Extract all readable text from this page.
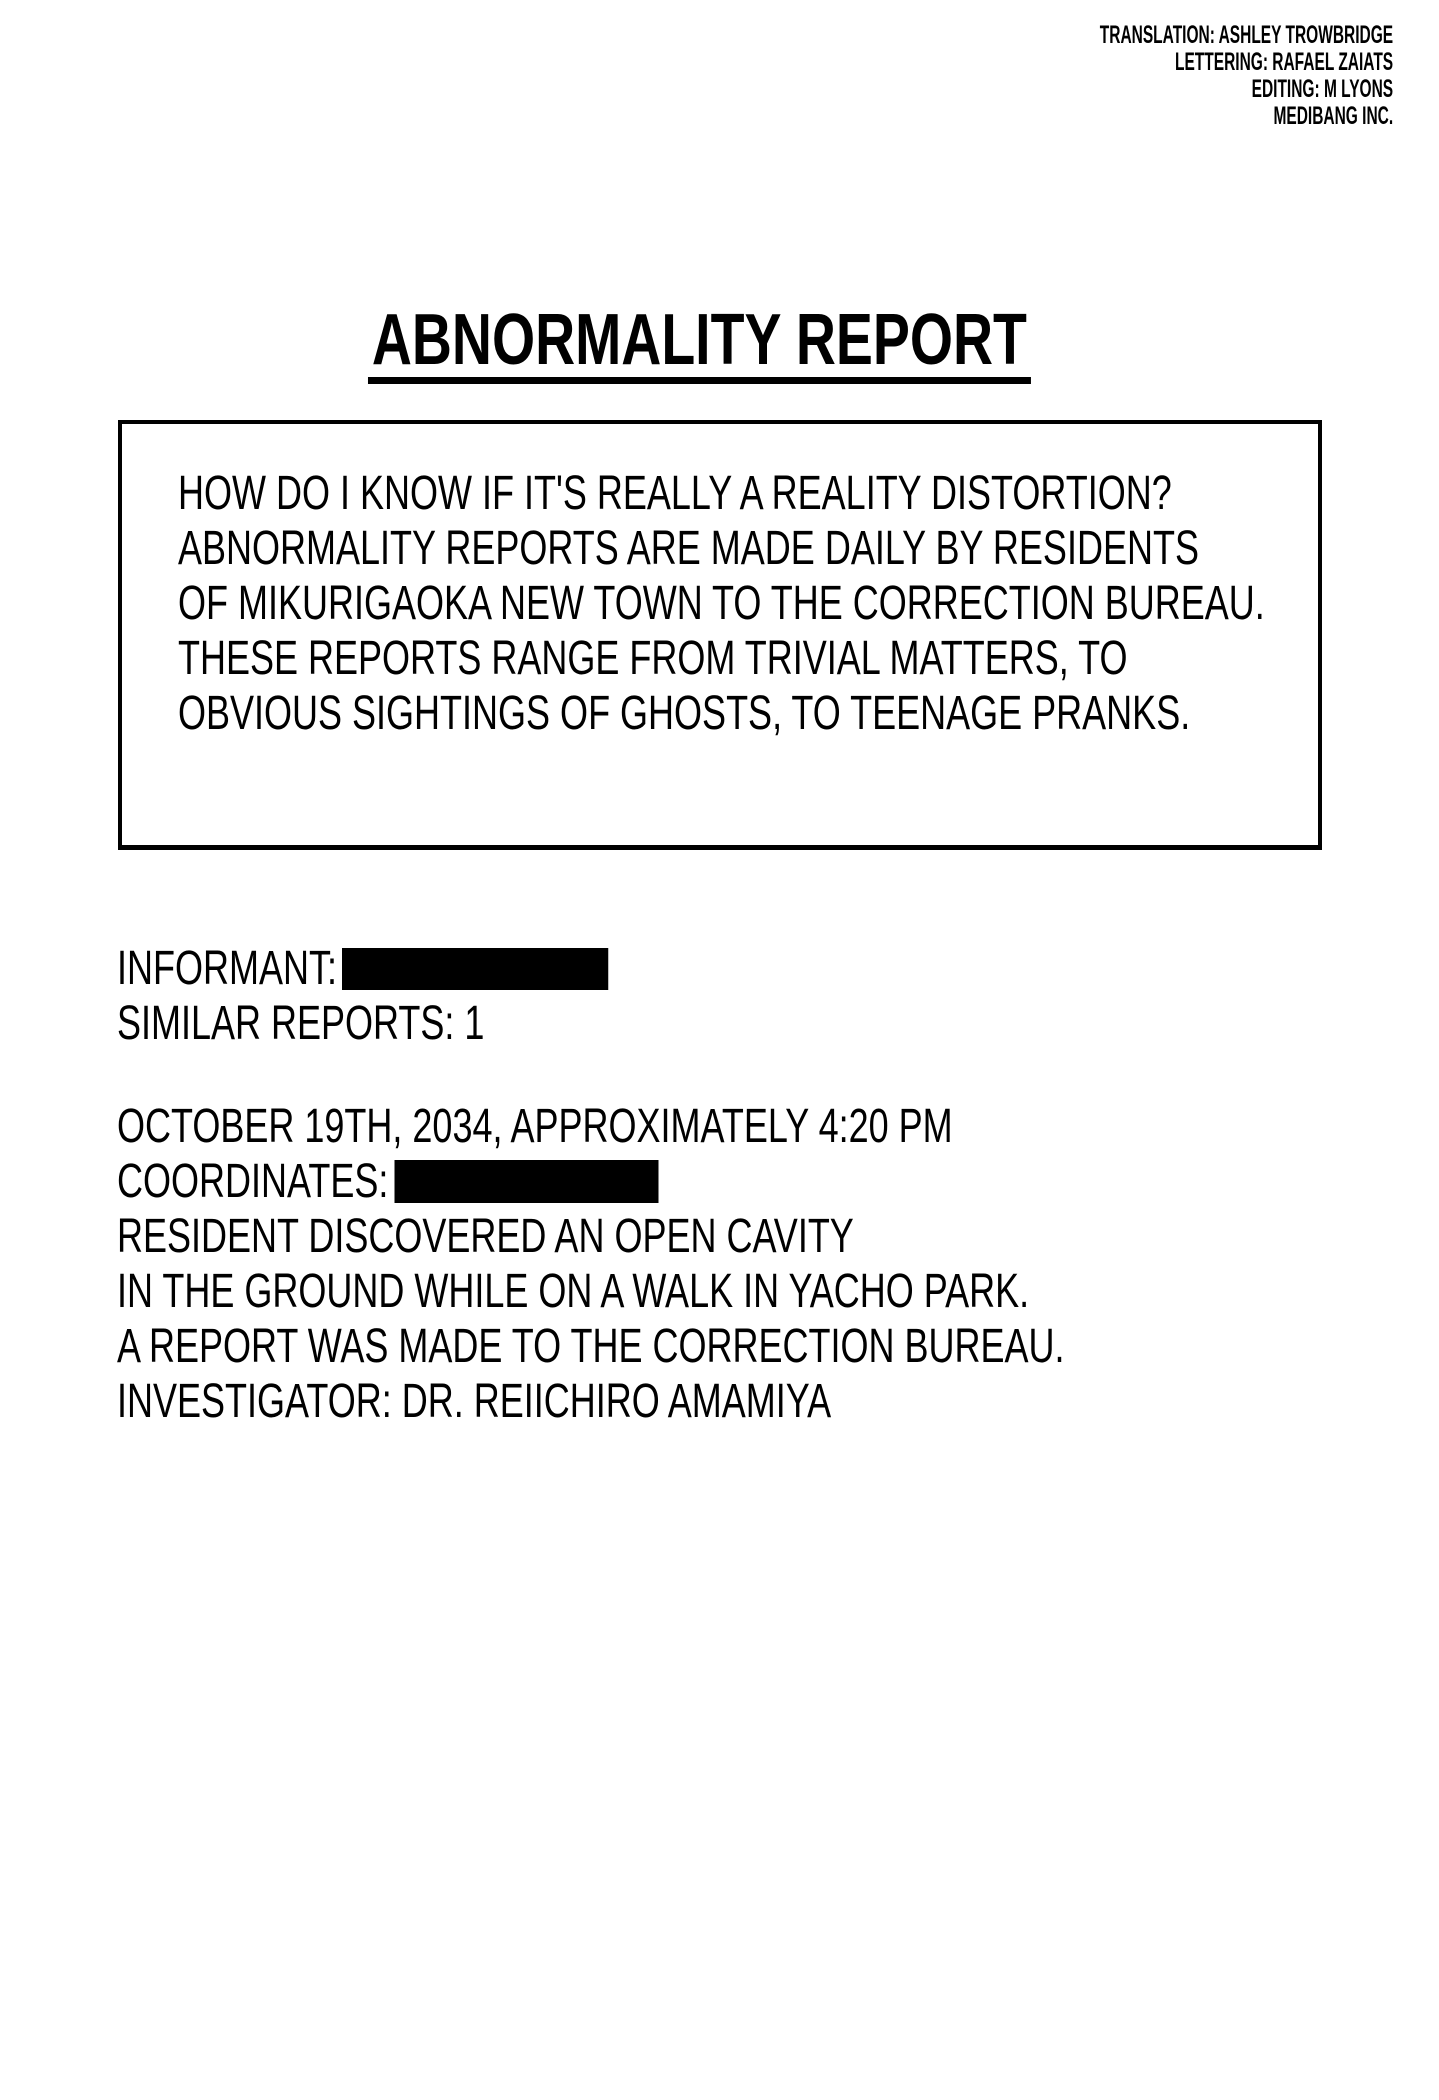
TRANSLATION: ASHLEY TROWBRIDGE
LETTERING: RAFAEL ZAIATS
EDITING: M LYONS
MEDIBANG INC.
ABNORMALITY REPORT
HOW DO I KNOW IF IT'S REALLY A REALITY DISTORTION?
ABNORMALITY REPORTS ARE MADE DAILY BY RESIDENTS
OF MIKURIGAOKA NEW TOWN TO THE CORRECTION BUREAU.
THESE REPORTS RANGE FROM TRIVIAL MATTERS, TO
OBVIOUS SIGHTINGS OF GHOSTS, TO TEENAGE PRANKS.
INFORMANT:
SIMILAR REPORTS: 1
OCTOBER 19TH, 2034, APPROXIMATELY 4:20 PM
COORDINATES:
RESIDENT DISCOVERED AN OPEN CAVITY
IN THE GROUND WHILE ON A WALK IN YACHO PARK.
A REPORT WAS MADE TO THE CORRECTION BUREAU.
INVESTIGATOR: DR. REIICHIRO AMAMIYA
